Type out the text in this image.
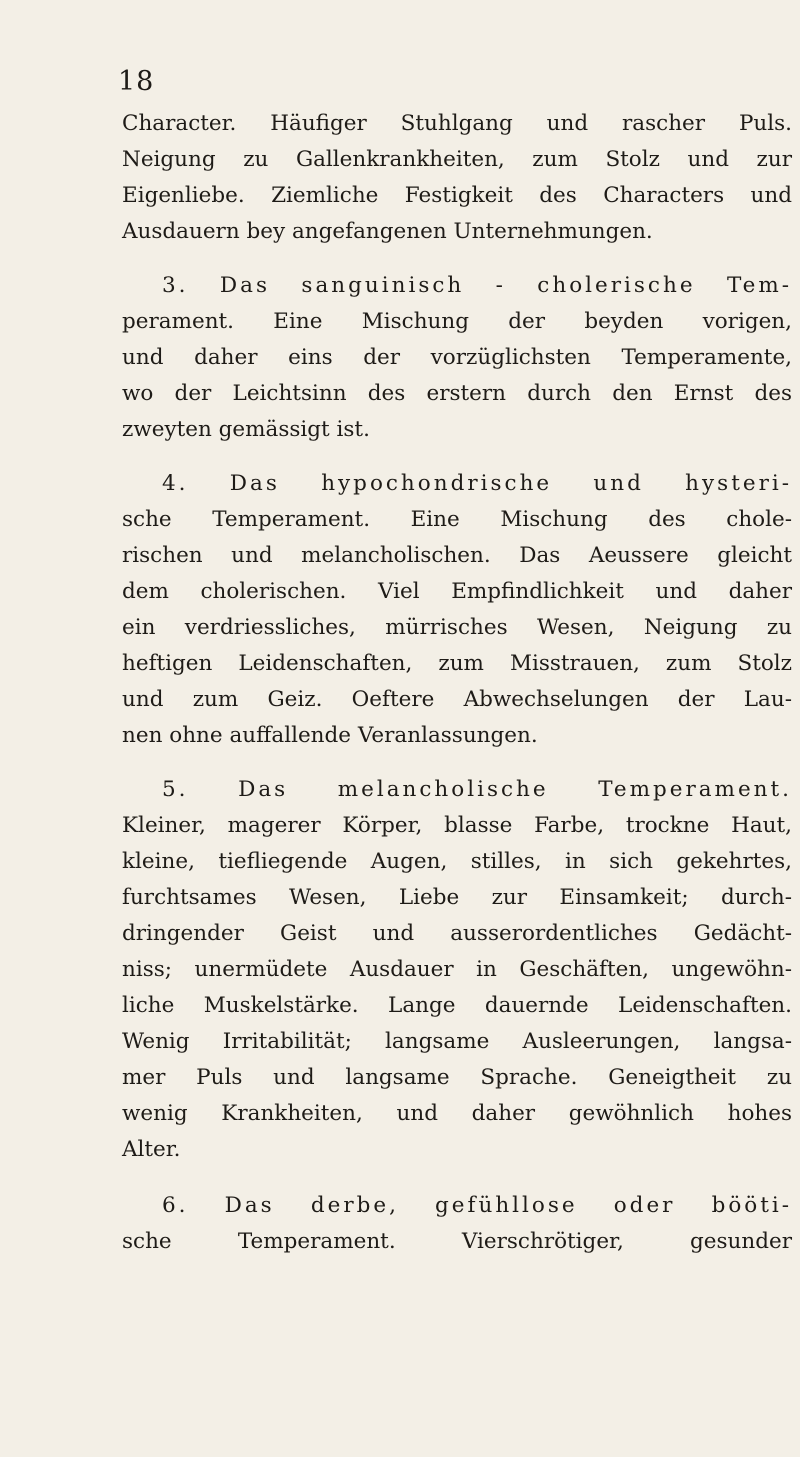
18
Character. Häufiger Stuhlgang und rascher Puls.
Neigung zu Gallenkrankheiten, zum Stolz und zur
Eigenliebe. Ziemliche Festigkeit des Characters und
Ausdauern bey angefangenen Unternehmungen.
3. Das sanguinisch - cholerische Tem-
perament. Eine Mischung der beyden vorigen,
und daher eins der vorzüglichsten Temperamente,
wo der Leichtsinn des erstern durch den Ernst des
zweyten gemässigt ist.
4. Das hypochondrische und hysteri-
sche Temperament. Eine Mischung des chole-
rischen und melancholischen. Das Aeussere gleicht
dem cholerischen. Viel Empfindlichkeit und daher
ein verdriessliches, mürrisches Wesen, Neigung zu
heftigen Leidenschaften, zum Misstrauen, zum Stolz
und zum Geiz. Oeftere Abwechselungen der Lau-
nen ohne auffallende Veranlassungen.
5. Das melancholische Temperament.
Kleiner, magerer Körper, blasse Farbe, trockne Haut,
kleine, tiefliegende Augen, stilles, in sich gekehrtes,
furchtsames Wesen, Liebe zur Einsamkeit; durch-
dringender Geist und ausserordentliches Gedächt-
niss; unermüdete Ausdauer in Geschäften, ungewöhn-
liche Muskelstärke. Lange dauernde Leidenschaften.
Wenig Irritabilität; langsame Ausleerungen, langsa-
mer Puls und langsame Sprache. Geneigtheit zu
wenig Krankheiten, und daher gewöhnlich hohes
Alter.
6. Das derbe, gefühllose oder bööti-
sche Temperament. Vierschrötiger, gesunder
